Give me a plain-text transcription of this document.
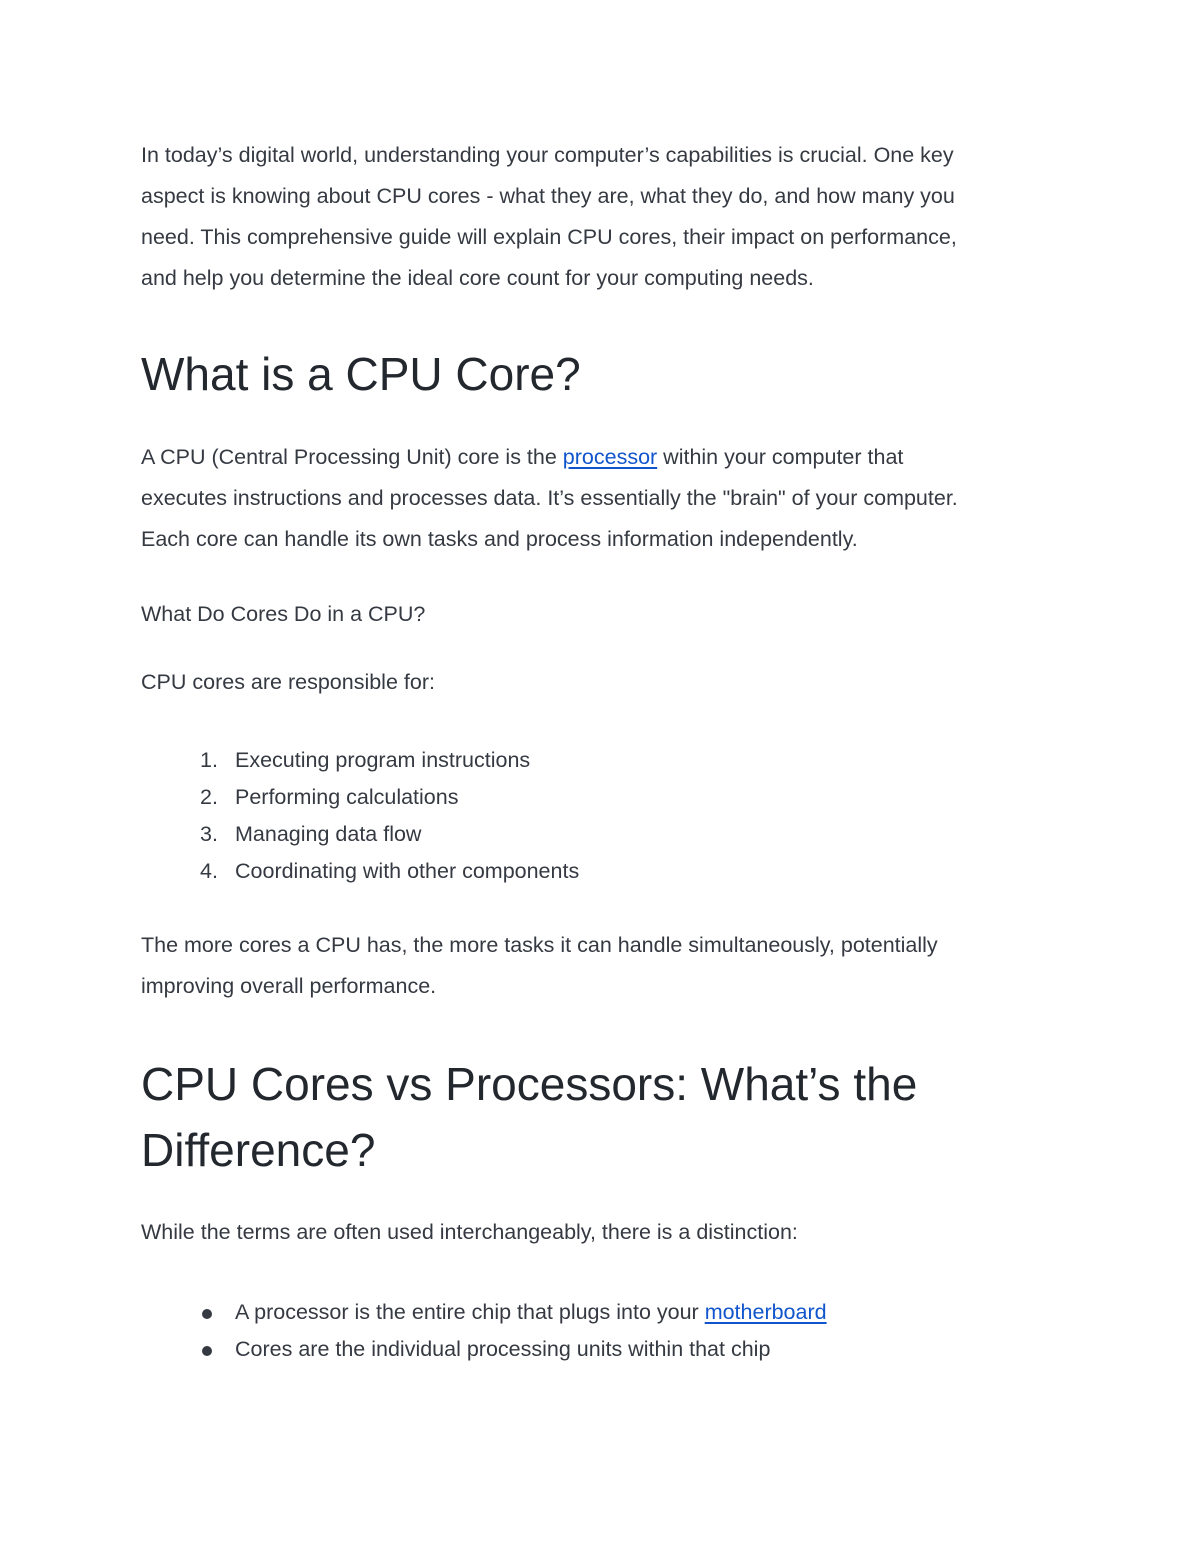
In today’s digital world, understanding your computer’s capabilities is crucial. One key
aspect is knowing about CPU cores - what they are, what they do, and how many you
need. This comprehensive guide will explain CPU cores, their impact on performance,
and help you determine the ideal core count for your computing needs.

What is a CPU Core?

A CPU (Central Processing Unit) core is the processor within your computer that
executes instructions and processes data. It’s essentially the "brain" of your computer.
Each core can handle its own tasks and process information independently.

What Do Cores Do in a CPU?

CPU cores are responsible for:

1. Executing program instructions
2. Performing calculations
3. Managing data flow
4. Coordinating with other components

The more cores a CPU has, the more tasks it can handle simultaneously, potentially
improving overall performance.

CPU Cores vs Processors: What’s the
Difference?

While the terms are often used interchangeably, there is a distinction:

A processor is the entire chip that plugs into your motherboard
Cores are the individual processing units within that chip
